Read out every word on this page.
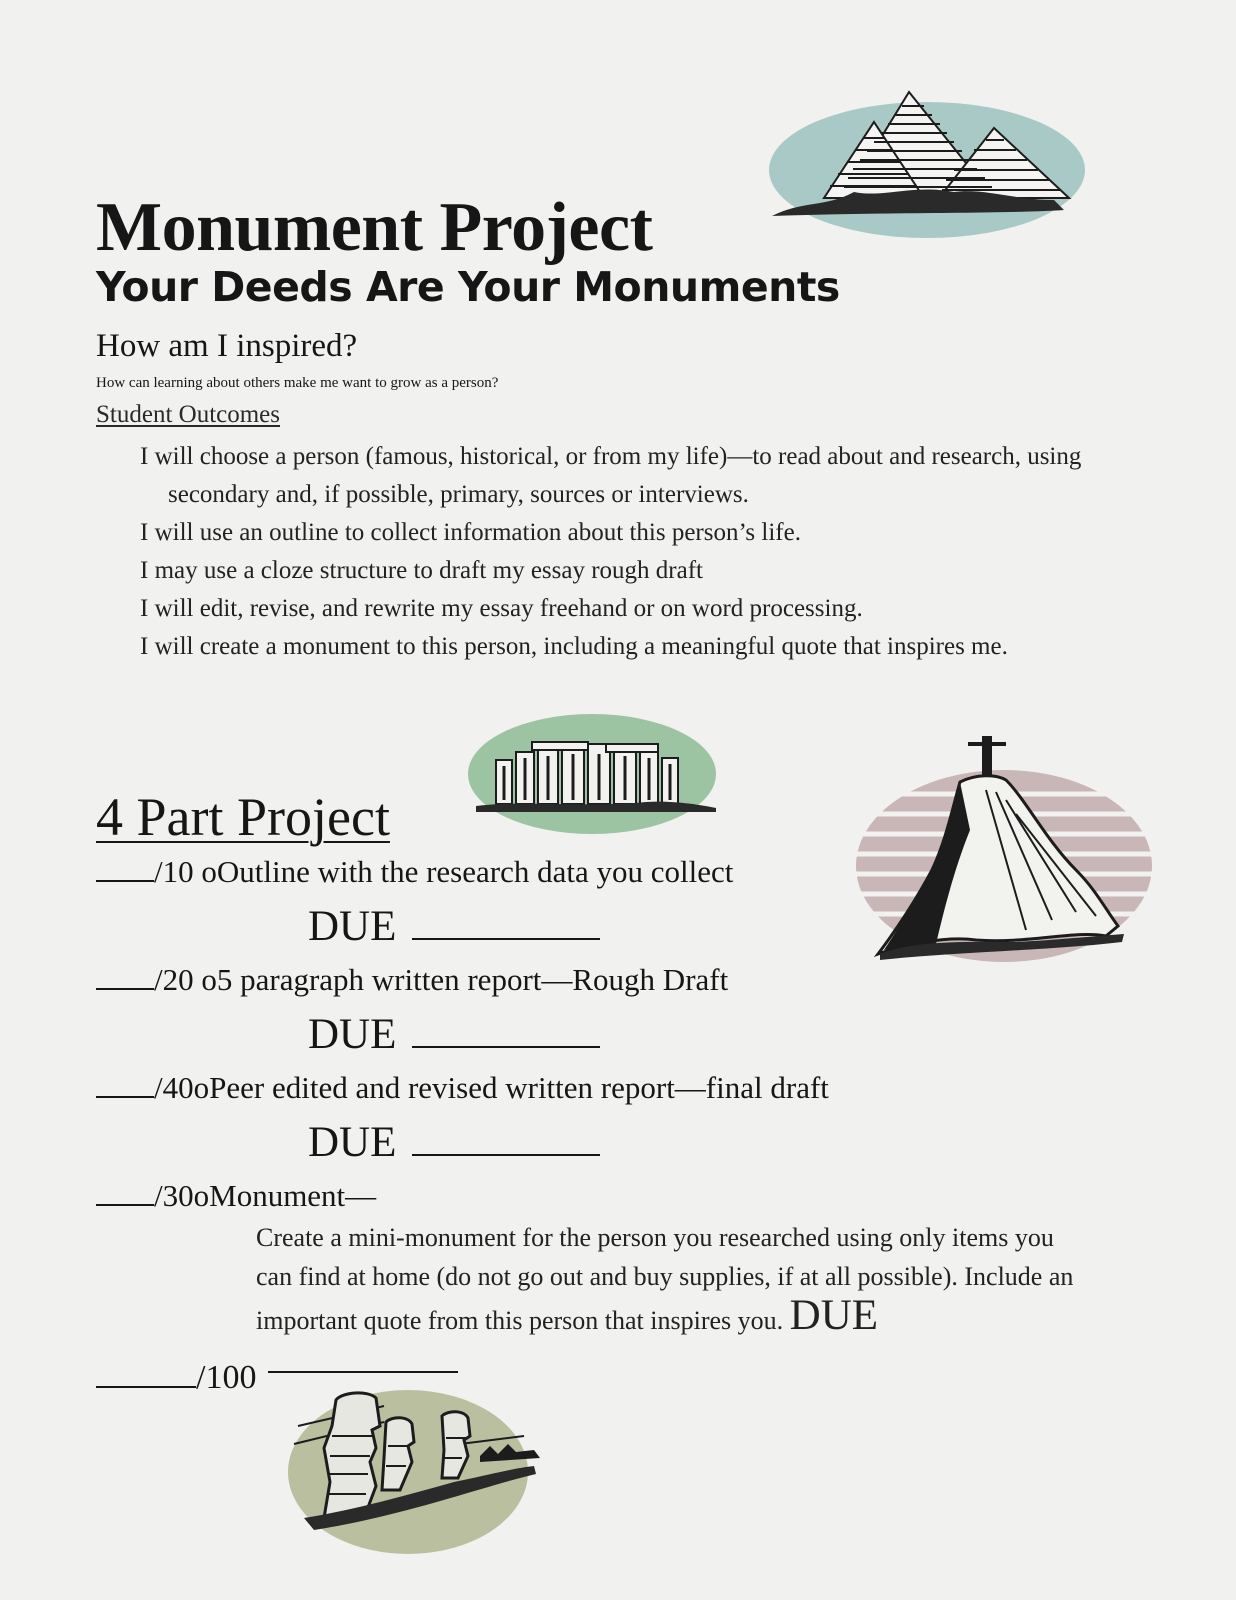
Monument Project
Your Deeds Are Your Monuments
How am I inspired?

How can learning about others make me want to grow as a person?

Student Outcomes

I will choose a person (famous, historical, or from my life)—to read about and research, using secondary and, if possible, primary, sources or interviews.

I will use an outline to collect information about this person’s life.

I may use a cloze structure to draft my essay rough draft

I will edit, revise, and rewrite my essay freehand or on word processing.

I will create a monument to this person, including a meaningful quote that inspires me.

4 Part Project
/10 oOutline with the research data you collect
DUE
/20 o5 paragraph written report—Rough Draft
DUE
/40oPeer edited and revised written report—final draft
DUE
/30oMonument—
Create a mini-monument for the person you researched using only items you can find at home (do not go out and buy supplies, if at all possible). Include an important quote from this person that inspires you. DUE
/100
